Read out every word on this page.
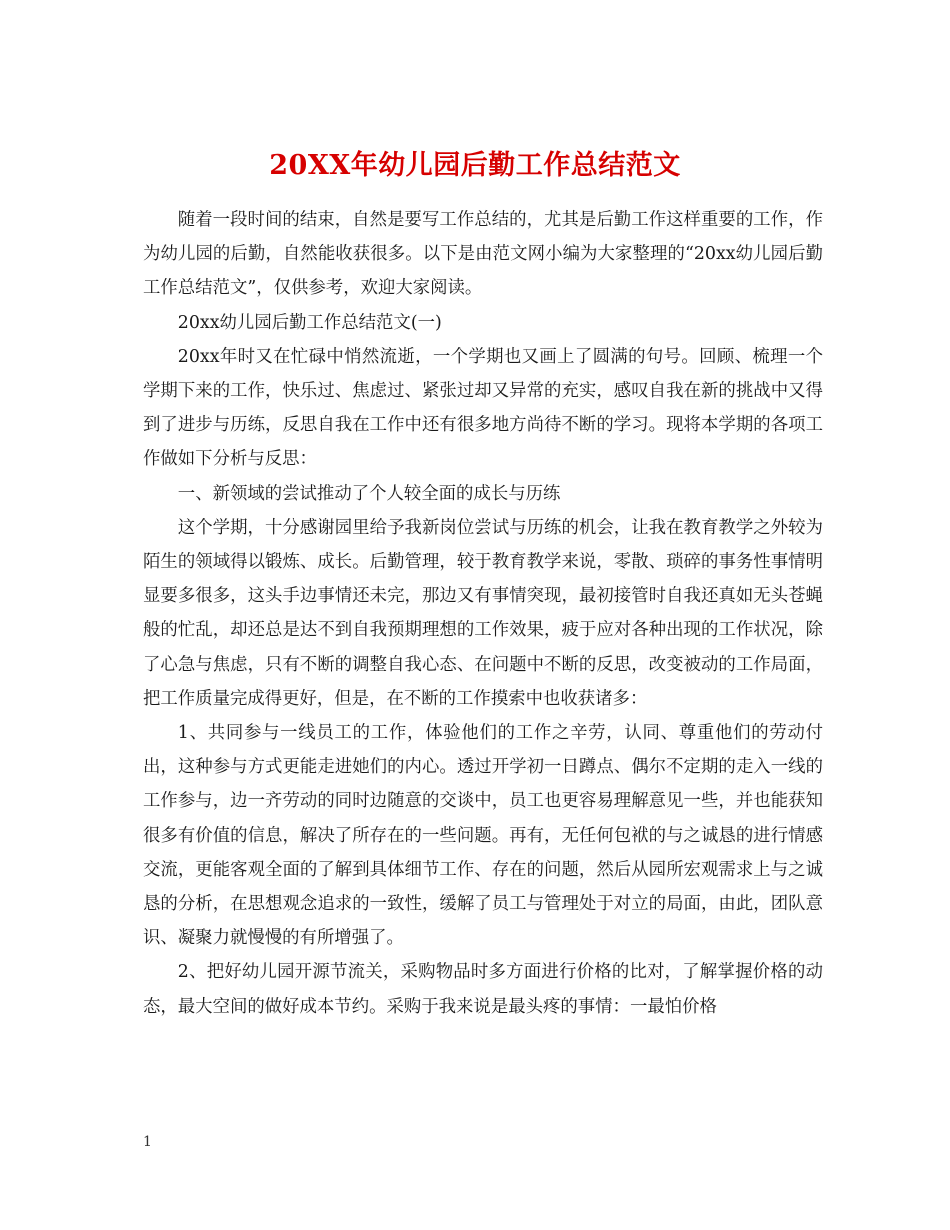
20XX年幼儿园后勤工作总结范文

随着一段时间的结束，自然是要写工作总结的，尤其是后勤工作这样重要的工作，作为幼儿园的后勤，自然能收获很多。以下是由范文网小编为大家整理的“20xx幼儿园后勤工作总结范文”，仅供参考，欢迎大家阅读。

20xx幼儿园后勤工作总结范文(一)

20xx年时又在忙碌中悄然流逝，一个学期也又画上了圆满的句号。回顾、梳理一个学期下来的工作，快乐过、焦虑过、紧张过却又异常的充实，感叹自我在新的挑战中又得到了进步与历练，反思自我在工作中还有很多地方尚待不断的学习。现将本学期的各项工作做如下分析与反思：

一、新领域的尝试推动了个人较全面的成长与历练

这个学期，十分感谢园里给予我新岗位尝试与历练的机会，让我在教育教学之外较为陌生的领域得以锻炼、成长。后勤管理，较于教育教学来说，零散、琐碎的事务性事情明显要多很多，这头手边事情还未完，那边又有事情突现，最初接管时自我还真如无头苍蝇般的忙乱，却还总是达不到自我预期理想的工作效果，疲于应对各种出现的工作状况，除了心急与焦虑，只有不断的调整自我心态、在问题中不断的反思，改变被动的工作局面，把工作质量完成得更好，但是，在不断的工作摸索中也收获诸多：

1、共同参与一线员工的工作，体验他们的工作之辛劳，认同、尊重他们的劳动付出，这种参与方式更能走进她们的内心。透过开学初一日蹲点、偶尔不定期的走入一线的工作参与，边一齐劳动的同时边随意的交谈中，员工也更容易理解意见一些，并也能获知很多有价值的信息，解决了所存在的一些问题。再有，无任何包袱的与之诚恳的进行情感交流，更能客观全面的了解到具体细节工作、存在的问题，然后从园所宏观需求上与之诚恳的分析，在思想观念追求的一致性，缓解了员工与管理处于对立的局面，由此，团队意识、凝聚力就慢慢的有所增强了。

2、把好幼儿园开源节流关，采购物品时多方面进行价格的比对，了解掌握价格的动态，最大空间的做好成本节约。采购于我来说是最头疼的事情：一最怕价格

1
